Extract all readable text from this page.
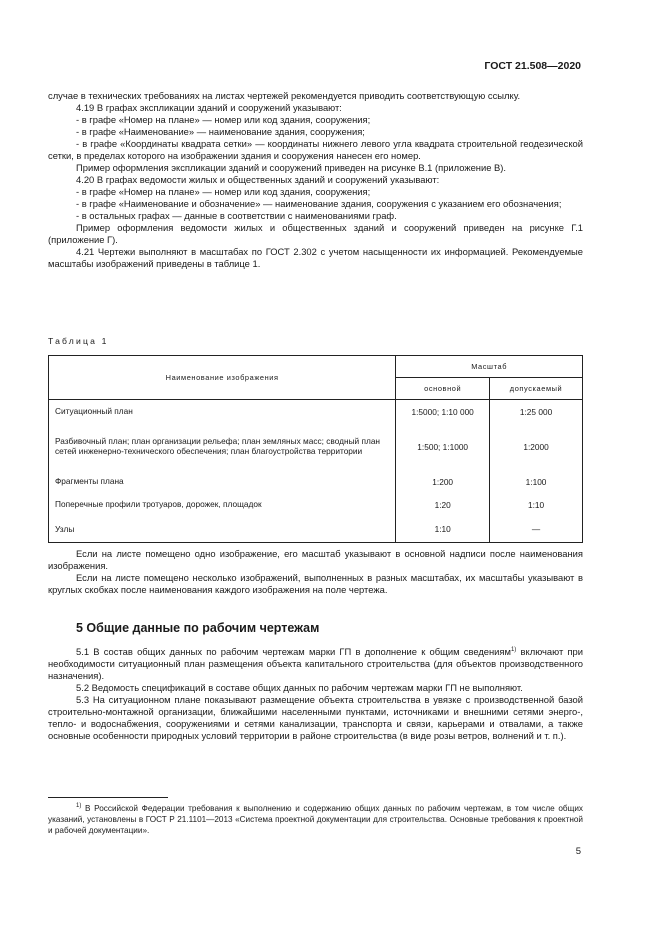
ГОСТ 21.508—2020

случае в технических требованиях на листах чертежей рекомендуется приводить соответствующую ссылку.

4.19 В графах экспликации зданий и сооружений указывают:

- в графе «Номер на плане» — номер или код здания, сооружения;

- в графе «Наименование» — наименование здания, сооружения;

- в графе «Координаты квадрата сетки» — координаты нижнего левого угла квадрата строительной геодезической сетки, в пределах которого на изображении здания и сооружения нанесен его номер.

Пример оформления экспликации зданий и сооружений приведен на рисунке В.1 (приложение В).

4.20 В графах ведомости жилых и общественных зданий и сооружений указывают:

- в графе «Номер на плане» — номер или код здания, сооружения;

- в графе «Наименование и обозначение» — наименование здания, сооружения с указанием его обозначения;

- в остальных графах — данные в соответствии с наименованиями граф.

Пример оформления ведомости жилых и общественных зданий и сооружений приведен на рисунке Г.1 (приложение Г).

4.21 Чертежи выполняют в масштабах по ГОСТ 2.302 с учетом насыщенности их информацией. Рекомендуемые масштабы изображений приведены в таблице 1.

Таблица 1
Наименование изображения	Масштаб	
	основной	допускаемый
Ситуационный план	1:5000; 1:10 000	1:25 000
Разбивочный план; план организации рельефа; план земляных масс; сводный план сетей инженерно-технического обеспечения; план благоустройства территории	1:500; 1:1000	1:2000
Фрагменты плана	1:200	1:100
Поперечные профили тротуаров, дорожек, площадок	1:20	1:10
Узлы	1:10	—

Если на листе помещено одно изображение, его масштаб указывают в основной надписи после наименования изображения.

Если на листе помещено несколько изображений, выполненных в разных масштабах, их масштабы указывают в круглых скобках после наименования каждого изображения на поле чертежа.

5 Общие данные по рабочим чертежам

5.1 В состав общих данных по рабочим чертежам марки ГП в дополнение к общим сведениям$^{1)}$ включают при необходимости ситуационный план размещения объекта капитального строительства (для объектов производственного назначения).

5.2 Ведомость спецификаций в составе общих данных по рабочим чертежам марки ГП не выполняют.

5.3 На ситуационном плане показывают размещение объекта строительства в увязке с производственной базой строительно-монтажной организации, ближайшими населенными пунктами, источниками и внешними сетями энерго-, тепло- и водоснабжения, сооружениями и сетями канализации, транспорта и связи, карьерами и отвалами, а также основные особенности природных условий территории в районе строительства (в виде розы ветров, волнений и т. п.).

$^{1)}$ В Российской Федерации требования к выполнению и содержанию общих данных по рабочим чертежам, в том числе общих указаний, установлены в ГОСТ Р 21.1101—2013 «Система проектной документации для строительства. Основные требования к проектной и рабочей документации».

5
